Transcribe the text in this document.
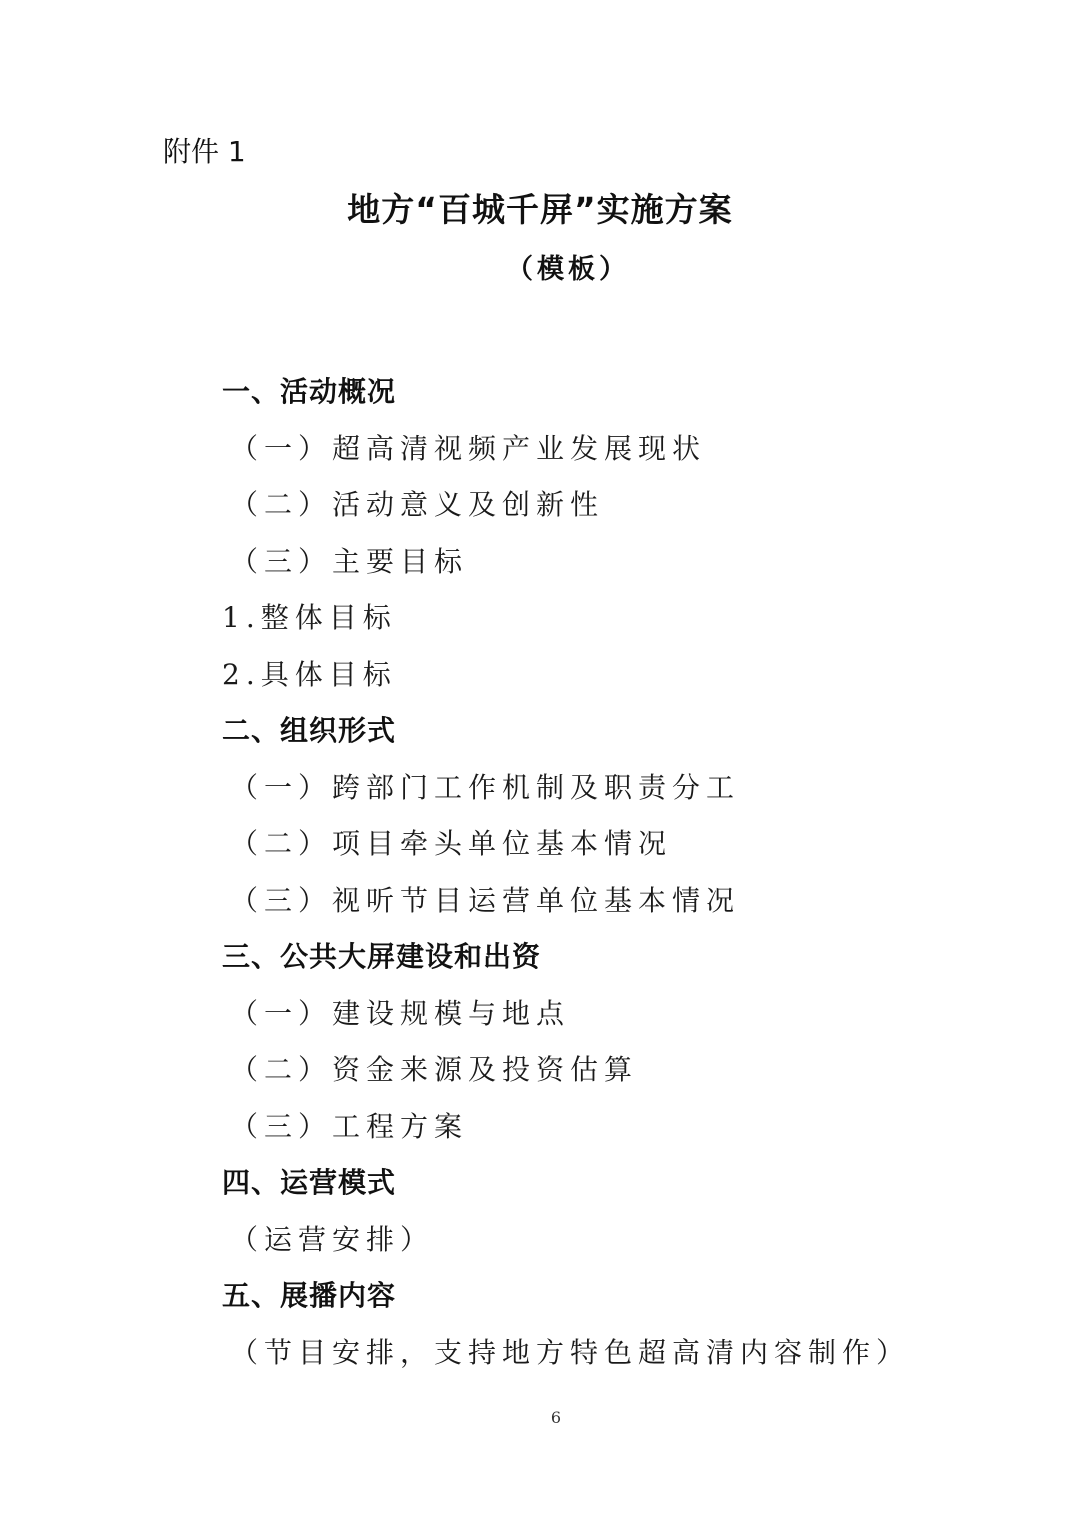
附件 1
地方“百城千屏”实施方案
（模板）
一、活动概况
（一）超高清视频产业发展现状
（二）活动意义及创新性
（三）主要目标
1.整体目标
2.具体目标
二、组织形式
（一）跨部门工作机制及职责分工
（二）项目牵头单位基本情况
（三）视听节目运营单位基本情况
三、公共大屏建设和出资
（一）建设规模与地点
（二）资金来源及投资估算
（三）工程方案
四、运营模式
（运营安排）
五、展播内容
（节目安排，支持地方特色超高清内容制作）
6
